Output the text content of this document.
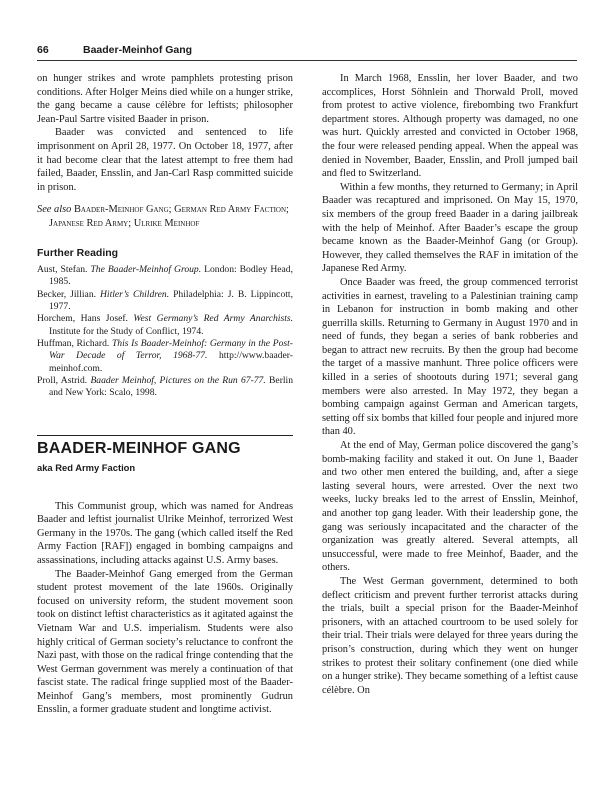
66	Baader-Meinhof Gang

on hunger strikes and wrote pamphlets protesting prison conditions. After Holger Meins died while on a hunger strike, the gang became a cause célèbre for leftists; philosopher Jean-Paul Sartre visited Baader in prison.

Baader was convicted and sentenced to life imprisonment on April 28, 1977. On October 18, 1977, after it had become clear that the latest attempt to free them had failed, Baader, Ensslin, and Jan-Carl Rasp committed suicide in prison.

See also Baader-Meinhof Gang; German Red Army Faction; Japanese Red Army; Ulrike Meinhof

Further Reading

Aust, Stefan. The Baader-Meinhof Group. London: Bodley Head, 1985.

Becker, Jillian. Hitler’s Children. Philadelphia: J. B. Lippincott, 1977.

Horchem, Hans Josef. West Germany’s Red Army Anarchists. Institute for the Study of Conflict, 1974.

Huffman, Richard. This Is Baader-Meinhof: Germany in the Post-War Decade of Terror, 1968-77. http://www.baader-meinhof.com.

Proll, Astrid. Baader Meinhof, Pictures on the Run 67-77. Berlin and New York: Scalo, 1998.

BAADER-MEINHOF GANG
aka Red Army Faction

This Communist group, which was named for Andreas Baader and leftist journalist Ulrike Meinhof, terrorized West Germany in the 1970s. The gang (which called itself the Red Army Faction [RAF]) engaged in bombing campaigns and assassinations, including attacks against U.S. Army bases.

The Baader-Meinhof Gang emerged from the German student protest movement of the late 1960s. Originally focused on university reform, the student movement soon took on distinct leftist characteristics as it agitated against the Vietnam War and U.S. imperialism. Students were also highly critical of German society’s reluctance to confront the Nazi past, with those on the radical fringe contending that the West German government was merely a continuation of that fascist state. The radical fringe supplied most of the Baader-Meinhof Gang’s members, most prominently Gudrun Ensslin, a former graduate student and longtime activist.

In March 1968, Ensslin, her lover Baader, and two accomplices, Horst Söhnlein and Thorwald Proll, moved from protest to active violence, firebombing two Frankfurt department stores. Although property was damaged, no one was hurt. Quickly arrested and convicted in October 1968, the four were released pending appeal. When the appeal was denied in November, Baader, Ensslin, and Proll jumped bail and fled to Switzerland.

Within a few months, they returned to Germany; in April Baader was recaptured and imprisoned. On May 15, 1970, six members of the group freed Baader in a daring jailbreak with the help of Meinhof. After Baader’s escape the group became known as the Baader-Meinhof Gang (or Group). However, they called themselves the RAF in imitation of the Japanese Red Army.

Once Baader was freed, the group commenced terrorist activities in earnest, traveling to a Palestinian training camp in Lebanon for instruction in bomb making and other guerrilla skills. Returning to Germany in August 1970 and in need of funds, they began a series of bank robberies and began to attract new recruits. By then the group had become the target of a massive manhunt. Three police officers were killed in a series of shootouts during 1971; several gang members were also arrested. In May 1972, they began a bombing campaign against German and American targets, setting off six bombs that killed four people and injured more than 40.

At the end of May, German police discovered the gang’s bomb-making facility and staked it out. On June 1, Baader and two other men entered the building, and, after a siege lasting several hours, were arrested. Over the next two weeks, lucky breaks led to the arrest of Ensslin, Meinhof, and another top gang leader. With their leadership gone, the gang was seriously incapacitated and the character of the organization was greatly altered. Several attempts, all unsuccessful, were made to free Meinhof, Baader, and the others.

The West German government, determined to both deflect criticism and prevent further terrorist attacks during the trials, built a special prison for the Baader-Meinhof prisoners, with an attached courtroom to be used solely for their trial. Their trials were delayed for three years during the prison’s construction, during which they went on hunger strikes to protest their solitary confinement (one died while on a hunger strike). They became something of a leftist cause célèbre. On
